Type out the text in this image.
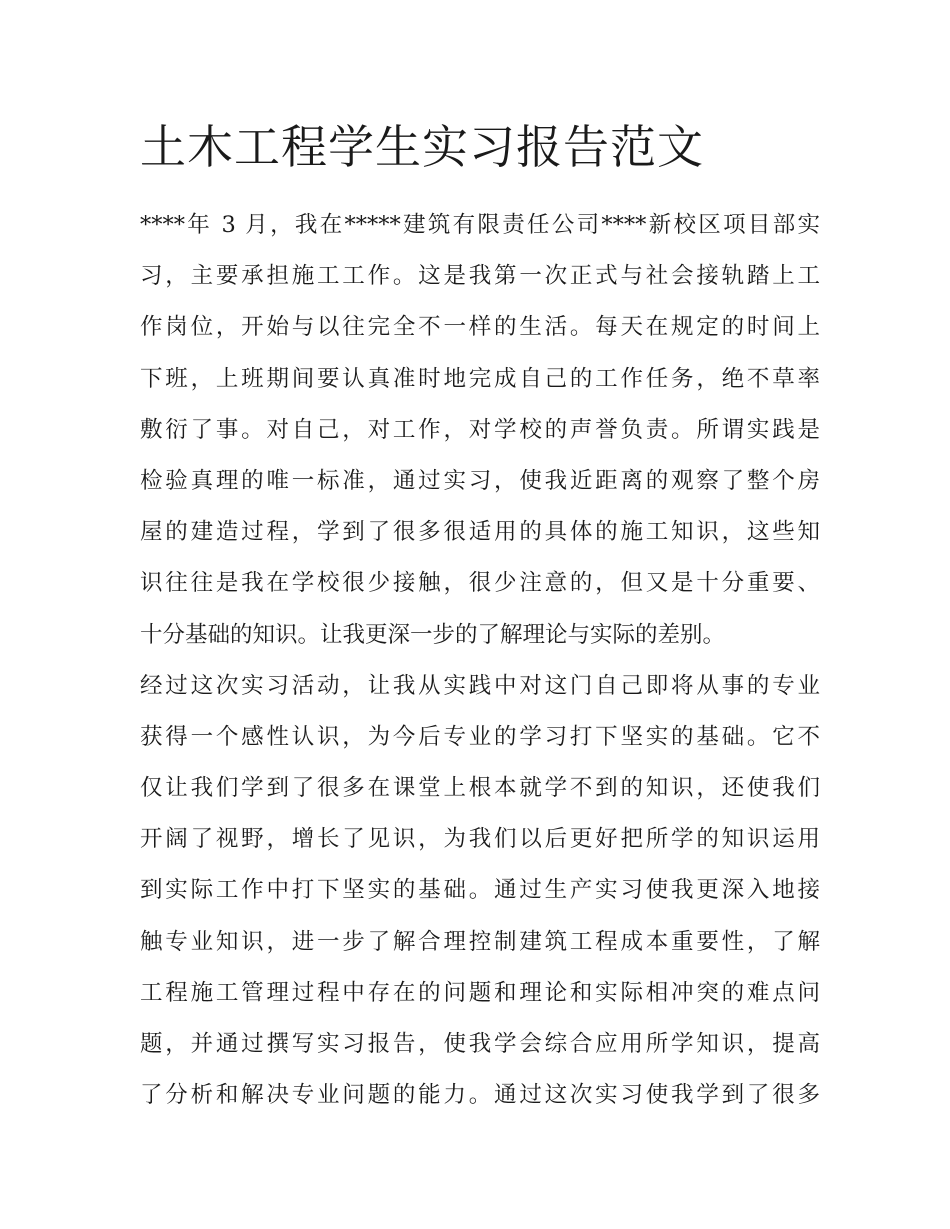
土木工程学生实习报告范文
****年 3 月，我在*****建筑有限责任公司****新校区项目部实
习，主要承担施工工作。这是我第一次正式与社会接轨踏上工
作岗位，开始与以往完全不一样的生活。每天在规定的时间上
下班，上班期间要认真准时地完成自己的工作任务，绝不草率
敷衍了事。对自己，对工作，对学校的声誉负责。所谓实践是
检验真理的唯一标准，通过实习，使我近距离的观察了整个房
屋的建造过程，学到了很多很适用的具体的施工知识，这些知
识往往是我在学校很少接触，很少注意的，但又是十分重要、
十分基础的知识。让我更深一步的了解理论与实际的差别。
经过这次实习活动，让我从实践中对这门自己即将从事的专业
获得一个感性认识，为今后专业的学习打下坚实的基础。它不
仅让我们学到了很多在课堂上根本就学不到的知识，还使我们
开阔了视野，增长了见识，为我们以后更好把所学的知识运用
到实际工作中打下坚实的基础。通过生产实习使我更深入地接
触专业知识，进一步了解合理控制建筑工程成本重要性，了解
工程施工管理过程中存在的问题和理论和实际相冲突的难点问
题，并通过撰写实习报告，使我学会综合应用所学知识，提高
了分析和解决专业问题的能力。通过这次实习使我学到了很多
